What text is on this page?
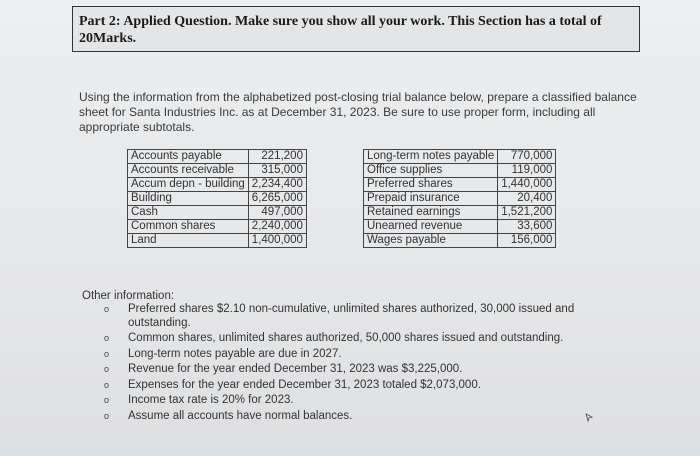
Part 2: Applied Question. Make sure you show all your work. This Section has a total of 20Marks.
Using the information from the alphabetized post-closing trial balance below, prepare a classified balance sheet for Santa Industries Inc. as at December 31, 2023. Be sure to use proper form, including all appropriate subtotals.
Accounts payable	221,200
Accounts receivable	315,000
Accum depn - building	2,234,400
Building	6,265,000
Cash	497,000
Common shares	2,240,000
Land	1,400,000
Long-term notes payable	770,000
Office supplies	119,000
Preferred shares	1,440,000
Prepaid insurance	20,400
Retained earnings	1,521,200
Unearned revenue	33,600
Wages payable	156,000
Other information:
o Preferred shares $2.10 non-cumulative, unlimited shares authorized, 30,000 issued and outstanding.
o Common shares, unlimited shares authorized, 50,000 shares issued and outstanding.
o Long-term notes payable are due in 2027.
o Revenue for the year ended December 31, 2023 was $3,225,000.
o Expenses for the year ended December 31, 2023 totaled $2,073,000.
o Income tax rate is 20% for 2023.
o Assume all accounts have normal balances.
